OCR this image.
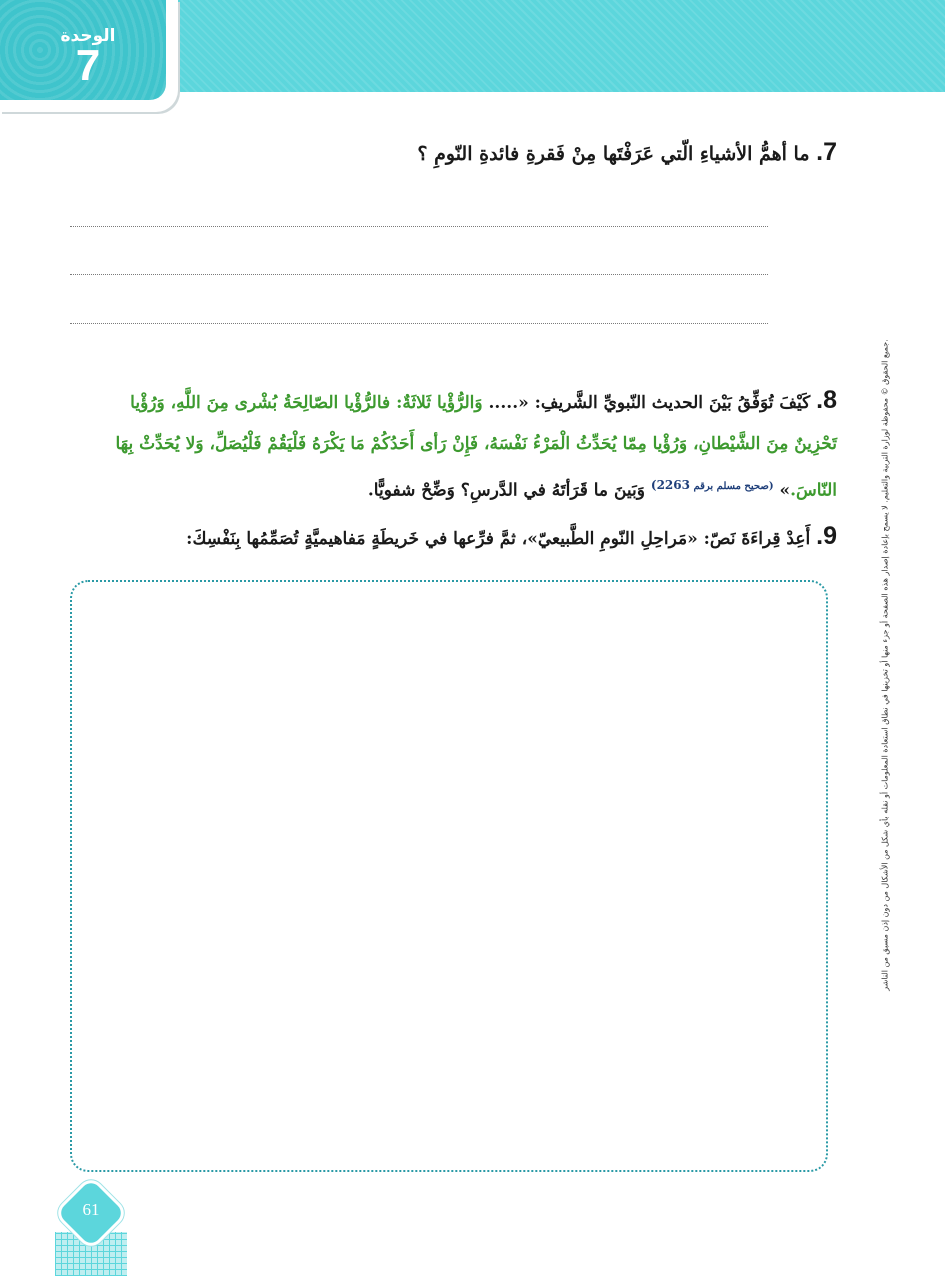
الوحدة
7
جميع الحقوق © محفوظة لوزارة التربية والتعليم. لا يسمح بإعادة إصدار هذه الصفحة أو جزء منها أو تخزينها في نطاق استعادة المعلومات أو نقله بأي شكل من الأشكال من دون إذن مسبق من الناشر.
7. ما أهمُّ الأشياءِ الّتي عَرَفْتَها مِنْ فَقرةِ فائدةِ النّومِ ؟
8. كَيْفَ تُوَفِّقُ بَيْنَ الحديث النّبويِّ الشَّريفِ: «..... وَالرُّؤْيا ثَلاثَةٌ: فالرُّؤْيا الصّالِحَةُ بُشْرى مِنَ اللَّهِ، وَرُؤْيا تَحْزِينٌ مِنَ الشَّيْطانِ، وَرُؤْيا مِمّا يُحَدِّثُ الْمَرْءُ نَفْسَهُ، فَإِنْ رَأى أَحَدُكُمْ مَا يَكْرَهُ فَلْيَقُمْ فَلْيُصَلِّ، وَلا يُحَدِّثْ بِهَا النّاسَ.» $^{(صحيح مسلم برقم 2263)}$ وَبَينَ ما قَرَأتَهُ في الدَّرسِ؟ وَضِّحْ شفويًّا.
9. أَعِدْ قِراءَةَ نَصّ: «مَراحِلِ النّومِ الطَّبيعيّ»، ثمَّ فرِّعها في خَريطَةٍ مَفاهيميَّةٍ تُصَمِّمُها بِنَفْسِكَ:
61
